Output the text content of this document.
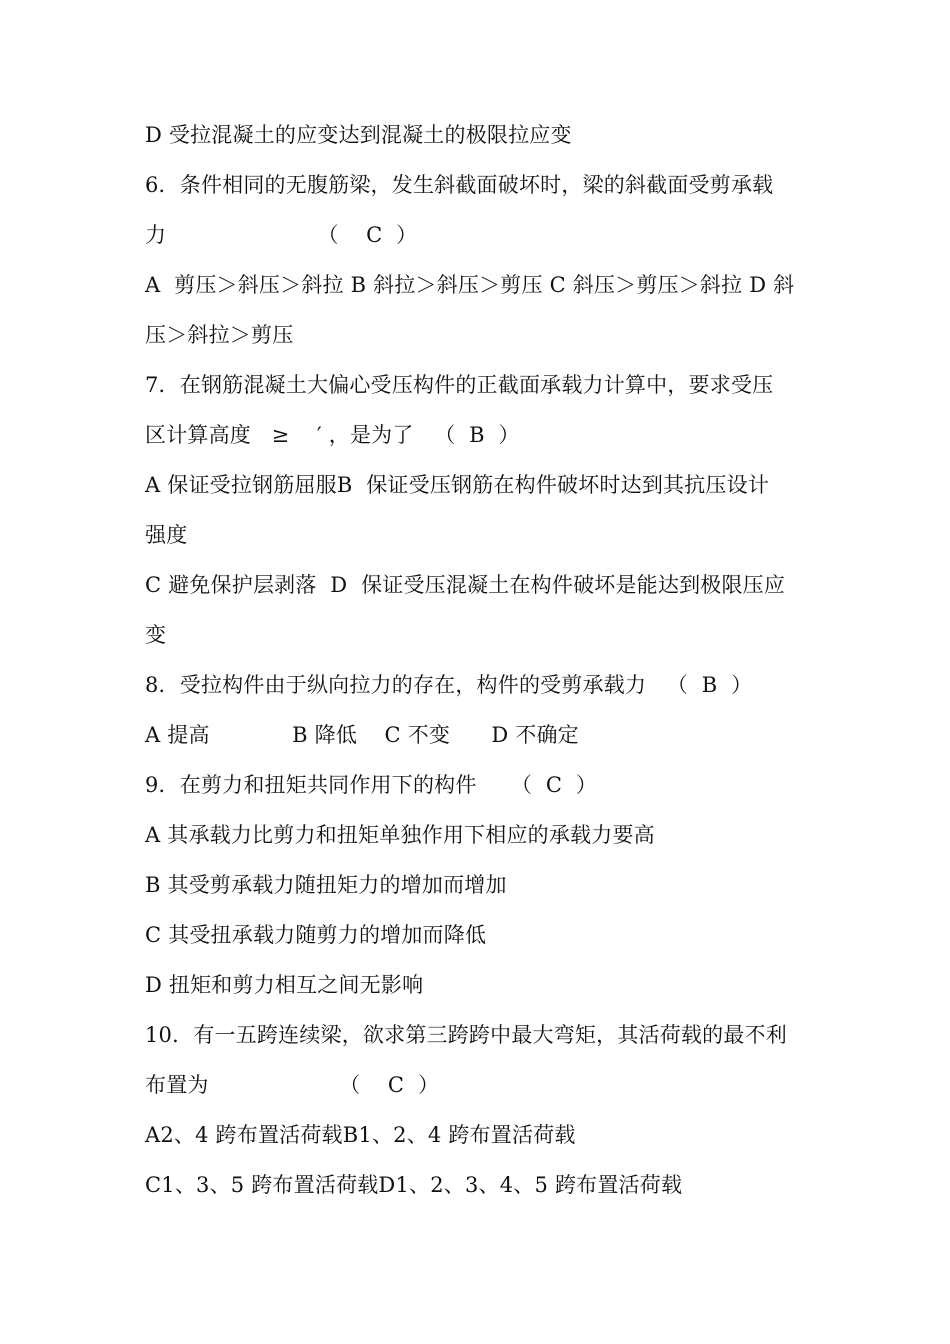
D 受拉混凝土的应变达到混凝土的极限拉应变
6．条件相同的无腹筋梁，发生斜截面破坏时，梁的斜截面受剪承载
力                      （    C  ）
A  剪压＞斜压＞斜拉 B 斜拉＞斜压＞剪压 C 斜压＞剪压＞斜拉 D 斜
压＞斜拉＞剪压
7．在钢筋混凝土大偏心受压构件的正截面承载力计算中，要求受压
区计算高度   ≥    ′ ，是为了   （  B  ）
A 保证受拉钢筋屈服B  保证受压钢筋在构件破坏时达到其抗压设计
强度
C 避免保护层剥落  D  保证受压混凝土在构件破坏是能达到极限压应
变
8．受拉构件由于纵向拉力的存在，构件的受剪承载力   （  B  ）
A 提高            B 降低    C 不变      D 不确定
9．在剪力和扭矩共同作用下的构件     （  C  ）
A 其承载力比剪力和扭矩单独作用下相应的承载力要高
B 其受剪承载力随扭矩力的增加而增加
C 其受扭承载力随剪力的增加而降低
D 扭矩和剪力相互之间无影响
10．有一五跨连续梁，欲求第三跨跨中最大弯矩，其活荷载的最不利
布置为                   （    C  ）
A2、4 跨布置活荷载B1、2、4 跨布置活荷载
C1、3、5 跨布置活荷载D1、2、3、4、5 跨布置活荷载
